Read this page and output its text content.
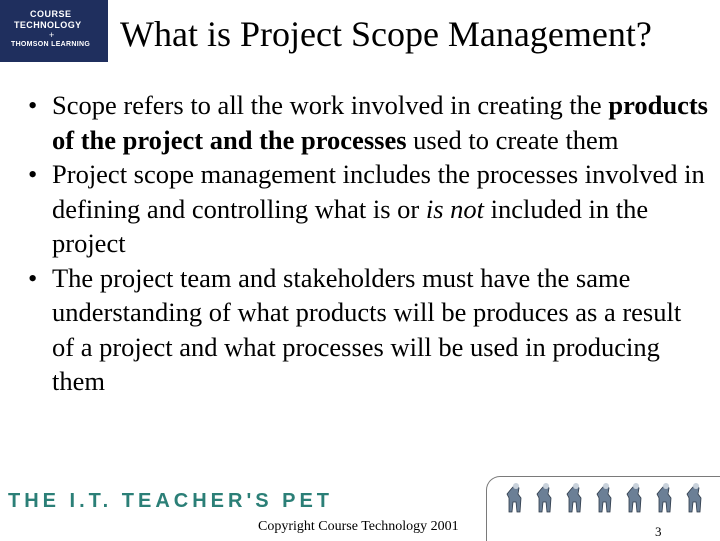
COURSE
TECHNOLOGY
+
THOMSON LEARNING What is Project Scope Management?
• Scope refers to all the work involved in creating the products of the project and the processes used to create them
• Project scope management includes the processes involved in defining and controlling what is or is not included in the project
• The project team and stakeholders must have the same understanding of what products will be produces as a result of a project and what processes will be used in producing them
THE I.T. TEACHER'S PET
Copyright Course Technology 2001	3
